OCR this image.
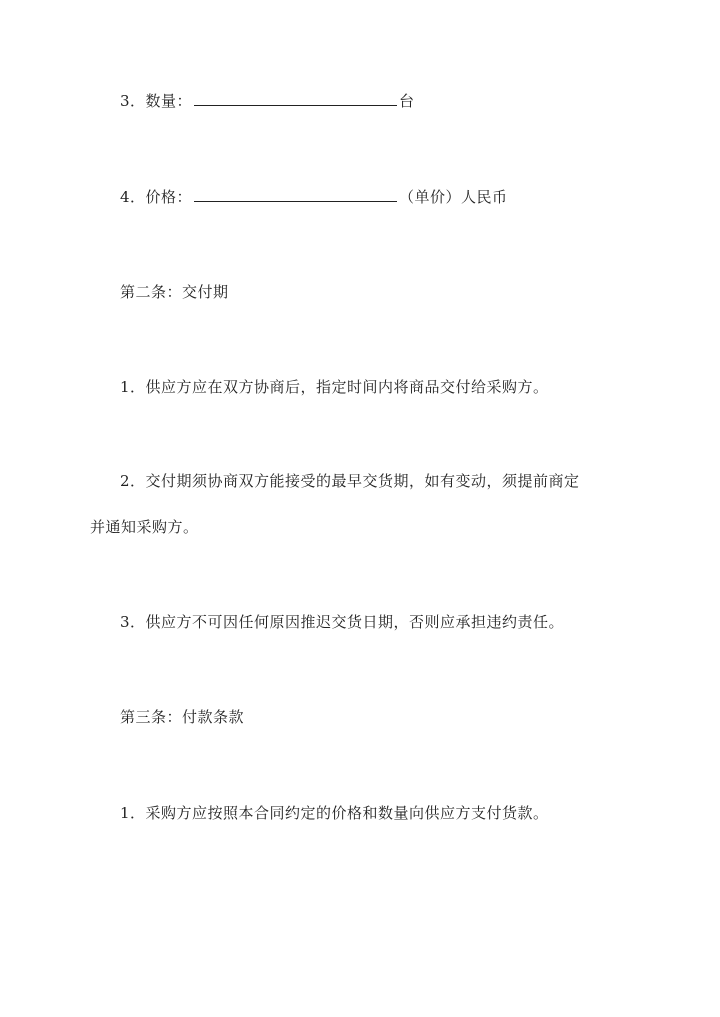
3．数量：	台
4．价格：	（单价）人民币
第二条：交付期
1．供应方应在双方协商后，指定时间内将商品交付给采购方。
2．交付期须协商双方能接受的最早交货期，如有变动，须提前商定
并通知采购方。
3．供应方不可因任何原因推迟交货日期，否则应承担违约责任。
第三条：付款条款
1．采购方应按照本合同约定的价格和数量向供应方支付货款。
